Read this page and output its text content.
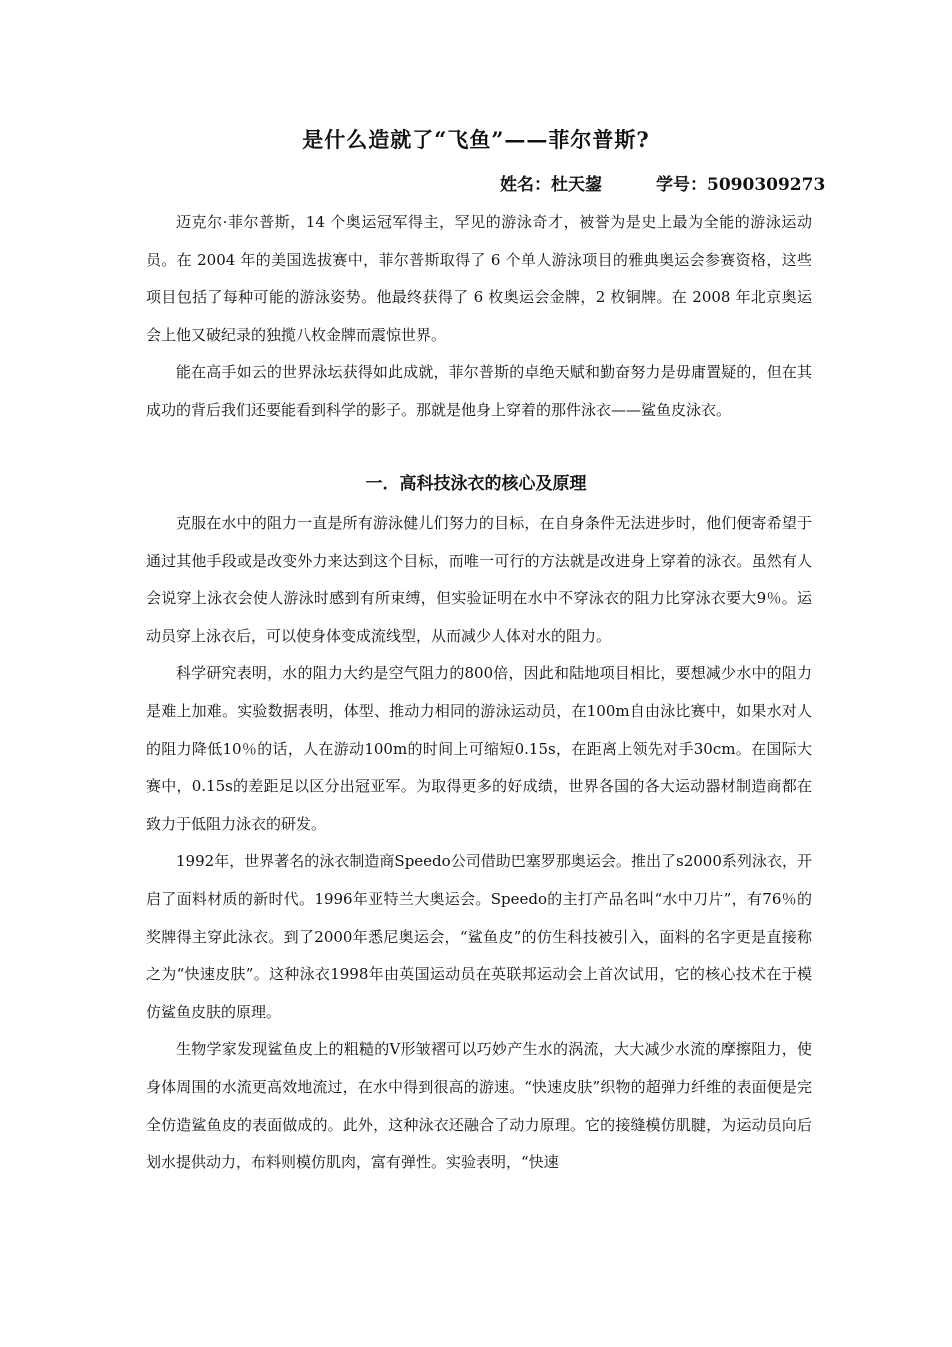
是什么造就了“飞鱼”——菲尔普斯?
姓名：杜天鋆	学号：5090309273

迈克尔·菲尔普斯，14 个奥运冠军得主，罕见的游泳奇才，被誉为是史上最为全能的游泳运动员。在 2004 年的美国选拔赛中，菲尔普斯取得了 6 个单人游泳项目的雅典奥运会参赛资格，这些项目包括了每种可能的游泳姿势。他最终获得了 6 枚奥运会金牌，2 枚铜牌。在 2008 年北京奥运会上他又破纪录的独揽八枚金牌而震惊世界。

能在高手如云的世界泳坛获得如此成就，菲尔普斯的卓绝天赋和勤奋努力是毋庸置疑的，但在其成功的背后我们还要能看到科学的影子。那就是他身上穿着的那件泳衣——鲨鱼皮泳衣。

一．高科技泳衣的核心及原理

克服在水中的阻力一直是所有游泳健儿们努力的目标，在自身条件无法进步时，他们便寄希望于通过其他手段或是改变外力来达到这个目标，而唯一可行的方法就是改进身上穿着的泳衣。虽然有人会说穿上泳衣会使人游泳时感到有所束缚，但实验证明在水中不穿泳衣的阻力比穿泳衣要大9％。运动员穿上泳衣后，可以使身体变成流线型，从而减少人体对水的阻力。

科学研究表明，水的阻力大约是空气阻力的800倍，因此和陆地项目相比，要想减少水中的阻力是难上加难。实验数据表明，体型、推动力相同的游泳运动员，在100m自由泳比赛中，如果水对人的阻力降低10％的话，人在游动100m的时间上可缩短0.15s，在距离上领先对手30cm。在国际大赛中，0.15s的差距足以区分出冠亚军。为取得更多的好成绩，世界各国的各大运动器材制造商都在致力于低阻力泳衣的研发。

1992年，世界著名的泳衣制造商Speedo公司借助巴塞罗那奥运会。推出了s2000系列泳衣，开启了面料材质的新时代。1996年亚特兰大奥运会。Speedo的主打产品名叫“水中刀片”，有76％的奖牌得主穿此泳衣。到了2000年悉尼奥运会，“鲨鱼皮”的仿生科技被引入，面料的名字更是直接称之为“快速皮肤”。这种泳衣1998年由英国运动员在英联邦运动会上首次试用，它的核心技术在于模仿鲨鱼皮肤的原理。

生物学家发现鲨鱼皮上的粗糙的V形皱褶可以巧妙产生水的涡流，大大减少水流的摩擦阻力，使身体周围的水流更高效地流过，在水中得到很高的游速。“快速皮肤”织物的超弹力纤维的表面便是完全仿造鲨鱼皮的表面做成的。此外，这种泳衣还融合了动力原理。它的接缝模仿肌腱，为运动员向后划水提供动力，布料则模仿肌肉，富有弹性。实验表明，“快速
